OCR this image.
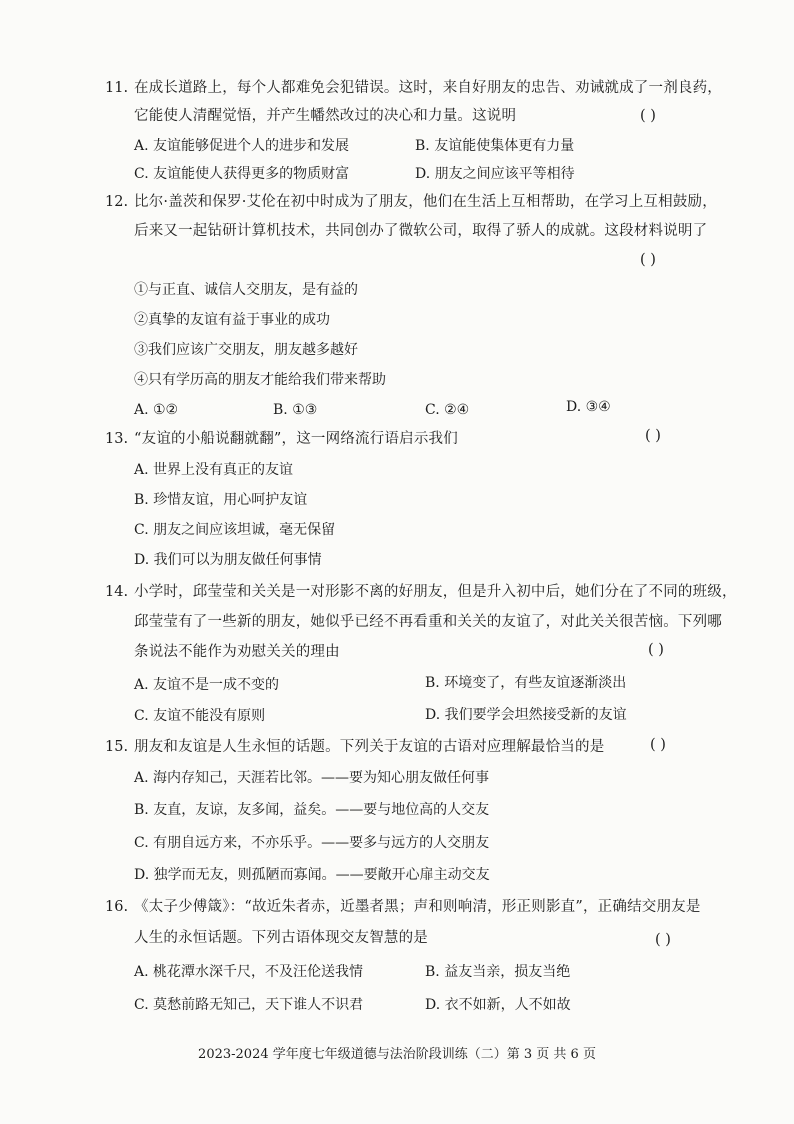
11. 在成长道路上，每个人都难免会犯错误。这时，来自好朋友的忠告、劝诫就成了一剂良药，
它能使人清醒觉悟，并产生幡然改过的决心和力量。这说明	( )
A. 友谊能够促进个人的进步和发展	B. 友谊能使集体更有力量
C. 友谊能使人获得更多的物质财富	D. 朋友之间应该平等相待
12. 比尔·盖茨和保罗·艾伦在初中时成为了朋友，他们在生活上互相帮助，在学习上互相鼓励，
后来又一起钻研计算机技术，共同创办了微软公司，取得了骄人的成就。这段材料说明了
( )
①与正直、诚信人交朋友，是有益的
②真挚的友谊有益于事业的成功
③我们应该广交朋友，朋友越多越好
④只有学历高的朋友才能给我们带来帮助
A. ①②	B. ①③	C. ②④	D. ③④
13. “友谊的小船说翻就翻”，这一网络流行语启示我们	( )
A. 世界上没有真正的友谊
B. 珍惜友谊，用心呵护友谊
C. 朋友之间应该坦诚，毫无保留
D. 我们可以为朋友做任何事情
14. 小学时，邱莹莹和关关是一对形影不离的好朋友，但是升入初中后，她们分在了不同的班级，
邱莹莹有了一些新的朋友，她似乎已经不再看重和关关的友谊了，对此关关很苦恼。下列哪
条说法不能作为劝慰关关的理由	( )
A. 友谊不是一成不变的	B. 环境变了，有些友谊逐渐淡出
C. 友谊不能没有原则	D. 我们要学会坦然接受新的友谊
15. 朋友和友谊是人生永恒的话题。下列关于友谊的古语对应理解最恰当的是	( )
A. 海内存知己，天涯若比邻。——要为知心朋友做任何事
B. 友直，友谅，友多闻，益矣。——要与地位高的人交友
C. 有朋自远方来，不亦乐乎。——要多与远方的人交朋友
D. 独学而无友，则孤陋而寡闻。——要敞开心扉主动交友
16. 《太子少傅箴》：“故近朱者赤，近墨者黑；声和则响清，形正则影直”，正确结交朋友是
人生的永恒话题。下列古语体现交友智慧的是	( )
A. 桃花潭水深千尺，不及汪伦送我情	B. 益友当亲，损友当绝
C. 莫愁前路无知己，天下谁人不识君	D. 衣不如新，人不如故
2023-2024 学年度七年级道德与法治阶段训练（二）第 3 页 共 6 页
